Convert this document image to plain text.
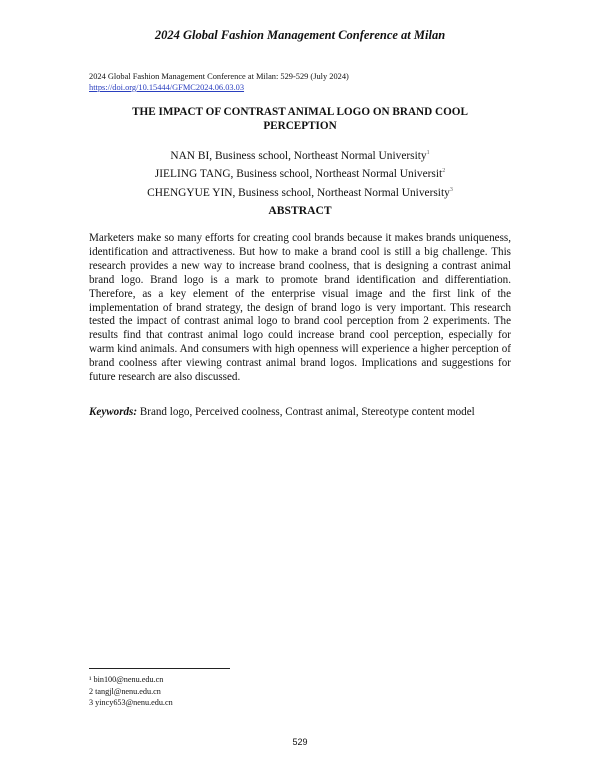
2024 Global Fashion Management Conference at Milan
2024 Global Fashion Management Conference at Milan: 529-529 (July 2024)
https://doi.org/10.15444/GFMC2024.06.03.03
THE IMPACT OF CONTRAST ANIMAL LOGO ON BRAND COOL
PERCEPTION
NAN BI, Business school, Northeast Normal University$^1$
JIELING TANG, Business school, Northeast Normal Universit$^2$
CHENGYUE YIN, Business school, Northeast Normal University$^3$
ABSTRACT
Marketers make so many efforts for creating cool brands because it makes brands uniqueness, identification and attractiveness. But how to make a brand cool is still a big challenge. This research provides a new way to increase brand coolness, that is designing a contrast animal brand logo. Brand logo is a mark to promote brand identification and differentiation. Therefore, as a key element of the enterprise visual image and the first link of the implementation of brand strategy, the design of brand logo is very important. This research tested the impact of contrast animal logo to brand cool perception from 2 experiments. The results find that contrast animal logo could increase brand cool perception, especially for warm kind animals. And consumers with high openness will experience a higher perception of brand coolness after viewing contrast animal brand logos. Implications and suggestions for future research are also discussed.
Keywords: Brand logo, Perceived coolness, Contrast animal, Stereotype content model
¹ bin100@nenu.edu.cn
2 tangjl@nenu.edu.cn
3 yincy653@nenu.edu.cn
529
